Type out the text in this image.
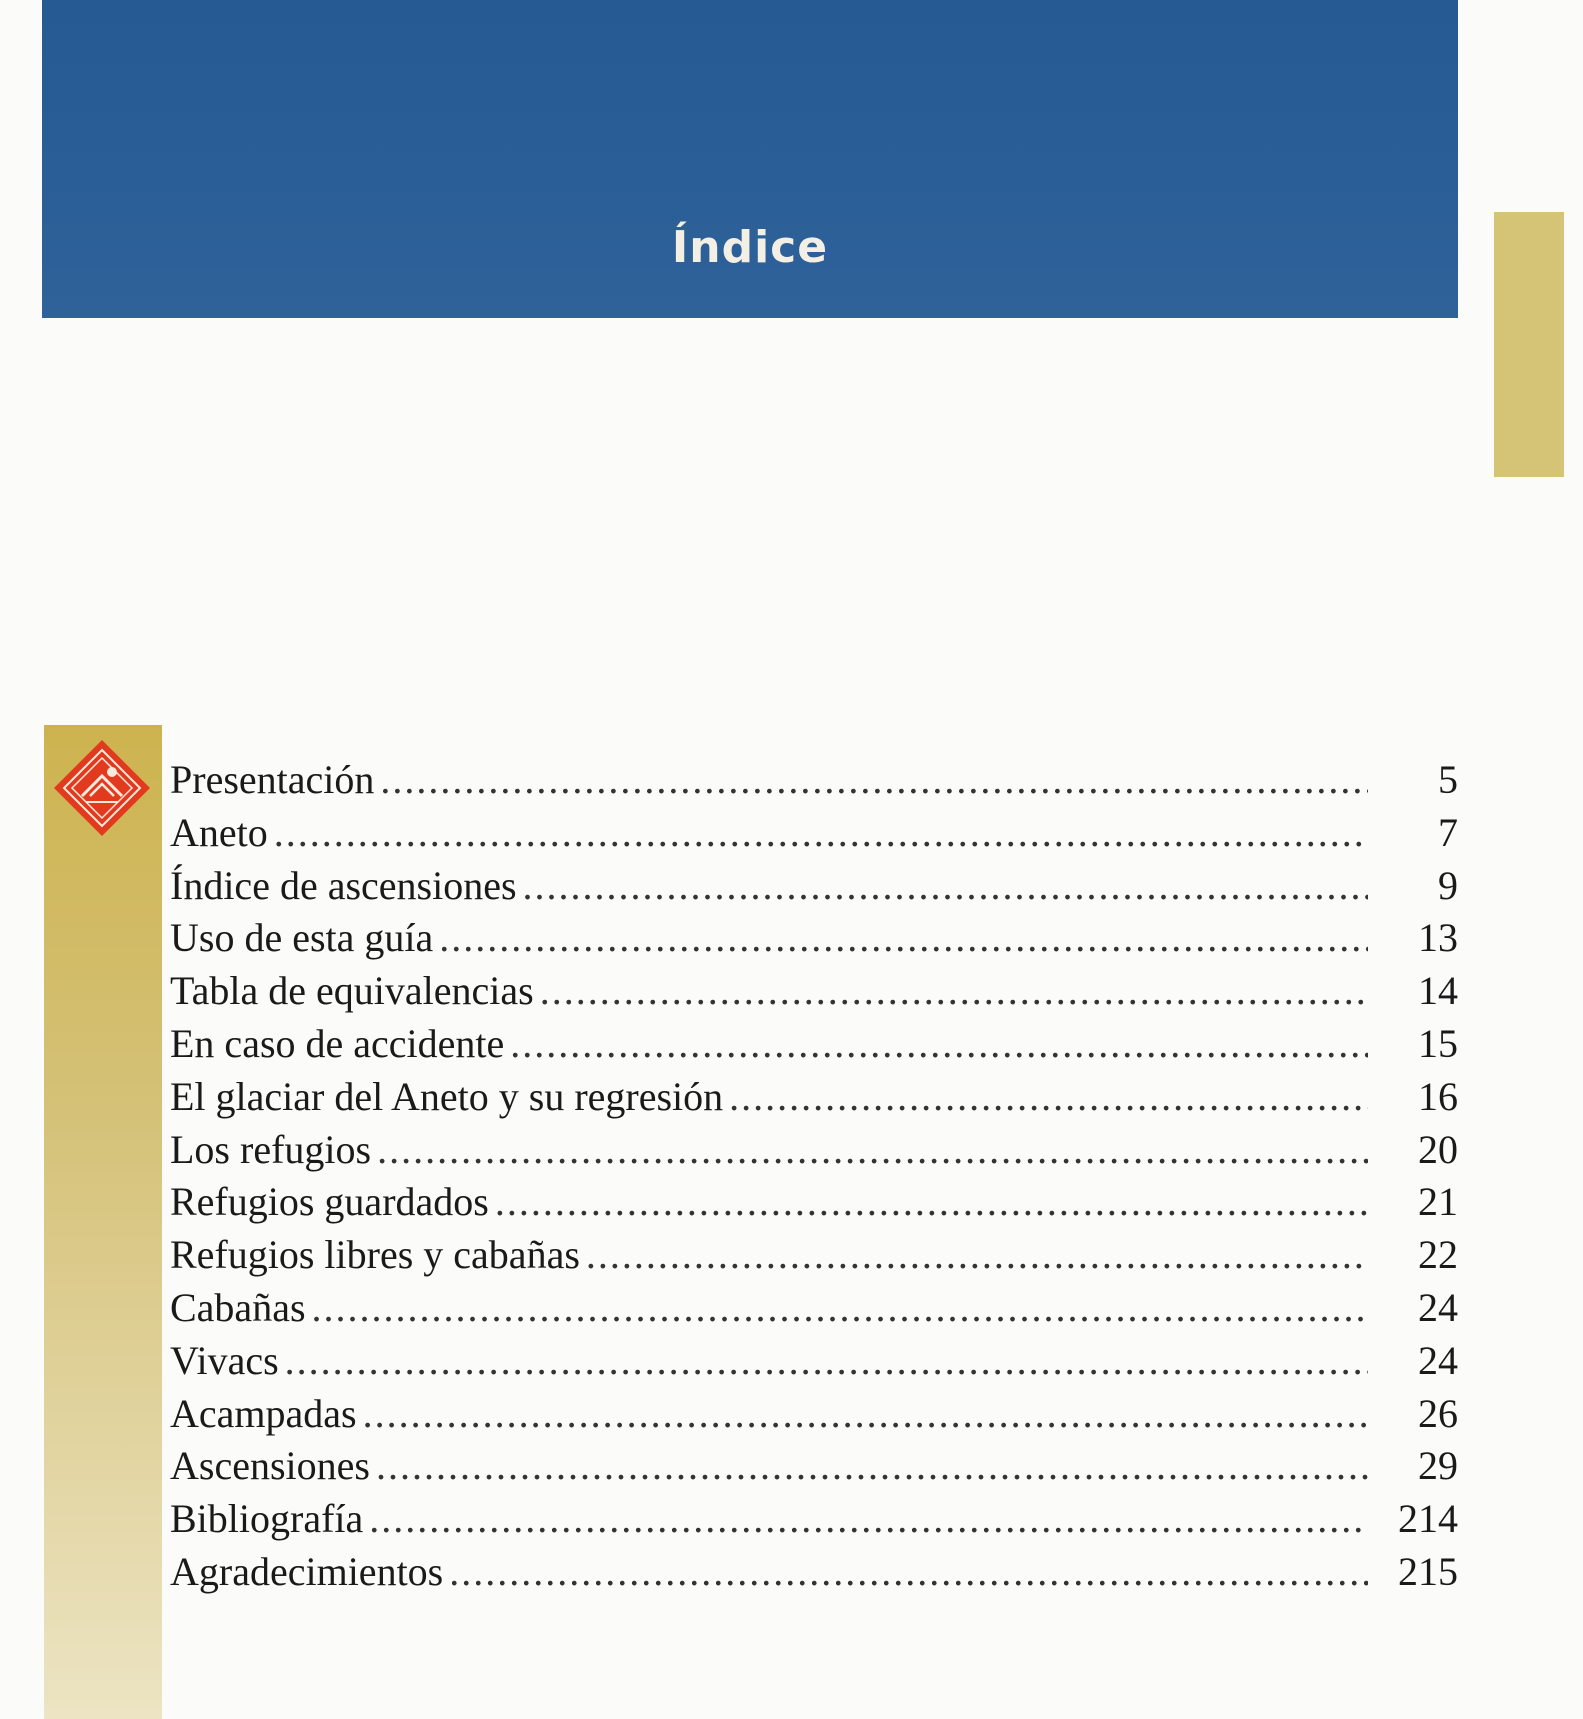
Índice
Presentación .....	5
Aneto .....	7
Índice de ascensiones .....	9
Uso de esta guía .....	13
Tabla de equivalencias .....	14
En caso de accidente .....	15
El glaciar del Aneto y su regresión .....	16
Los refugios .....	20
Refugios guardados .....	21
Refugios libres y cabañas .....	22
Cabañas .....	24
Vivacs .....	24
Acampadas .....	26
Ascensiones .....	29
Bibliografía .....	214
Agradecimientos .....	215
